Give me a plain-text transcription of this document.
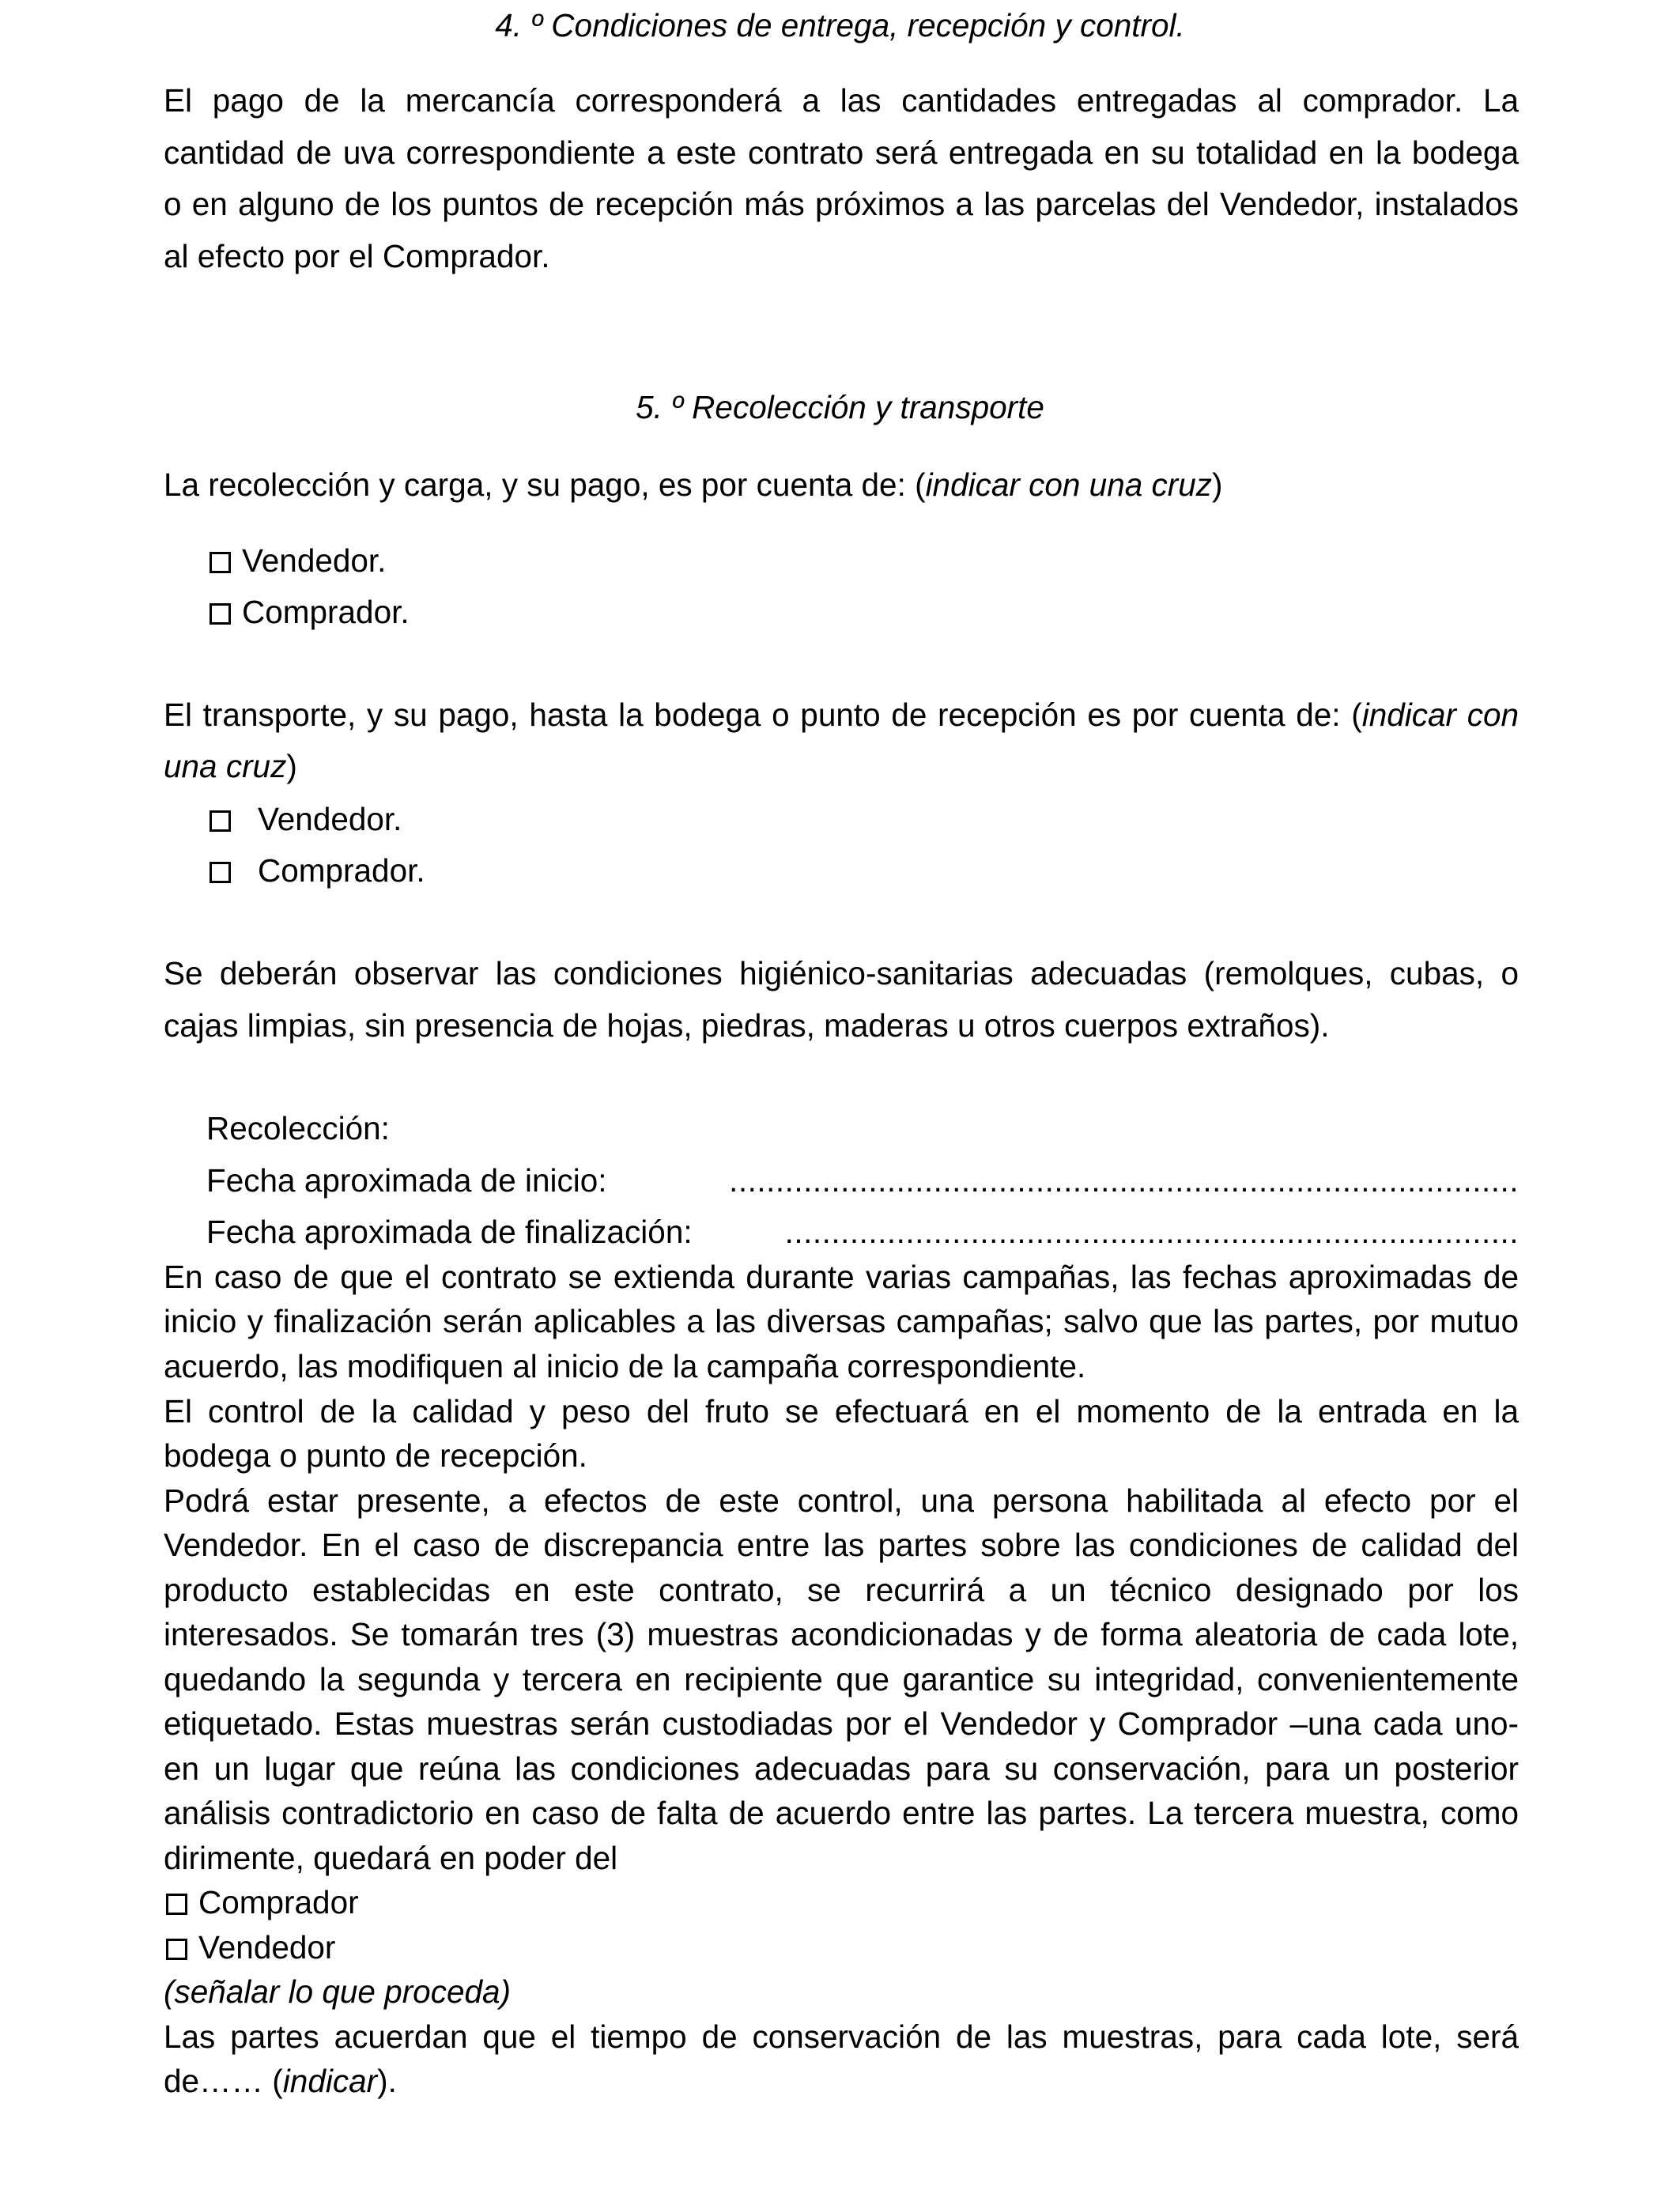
4. º Condiciones de entrega, recepción y control.

El pago de la mercancía corresponderá a las cantidades entregadas al comprador. La
cantidad de uva correspondiente a este contrato será entregada en su totalidad en la bodega
o en alguno de los puntos de recepción más próximos a las parcelas del Vendedor, instalados
al efecto por el Comprador.

5. º Recolección y transporte

La recolección y carga, y su pago, es por cuenta de: (indicar con una cruz)
Vendedor.
Comprador.
El transporte, y su pago, hasta la bodega o punto de recepción es por cuenta de: (indicar con
una cruz)
Vendedor.
Comprador.
Se deberán observar las condiciones higiénico-sanitarias adecuadas (remolques, cubas, o
cajas limpias, sin presencia de hojas, piedras, maderas u otros cuerpos extraños).
Recolección:
Fecha aproximada de inicio:	.....................................................................................
Fecha aproximada de finalización:	...............................................................................
En caso de que el contrato se extienda durante varias campañas, las fechas aproximadas de
inicio y finalización serán aplicables a las diversas campañas; salvo que las partes, por mutuo
acuerdo, las modifiquen al inicio de la campaña correspondiente.
El control de la calidad y peso del fruto se efectuará en el momento de la entrada en la
bodega o punto de recepción.
Podrá estar presente, a efectos de este control, una persona habilitada al efecto por el
Vendedor. En el caso de discrepancia entre las partes sobre las condiciones de calidad del
producto establecidas en este contrato, se recurrirá a un técnico designado por los
interesados. Se tomarán tres (3) muestras acondicionadas y de forma aleatoria de cada lote,
quedando la segunda y tercera en recipiente que garantice su integridad, convenientemente
etiquetado. Estas muestras serán custodiadas por el Vendedor y Comprador –una cada uno-
en un lugar que reúna las condiciones adecuadas para su conservación, para un posterior
análisis contradictorio en caso de falta de acuerdo entre las partes. La tercera muestra, como
dirimente, quedará en poder del
Comprador
Vendedor
(señalar lo que proceda)
Las partes acuerdan que el tiempo de conservación de las muestras, para cada lote, será
de…… (indicar).
